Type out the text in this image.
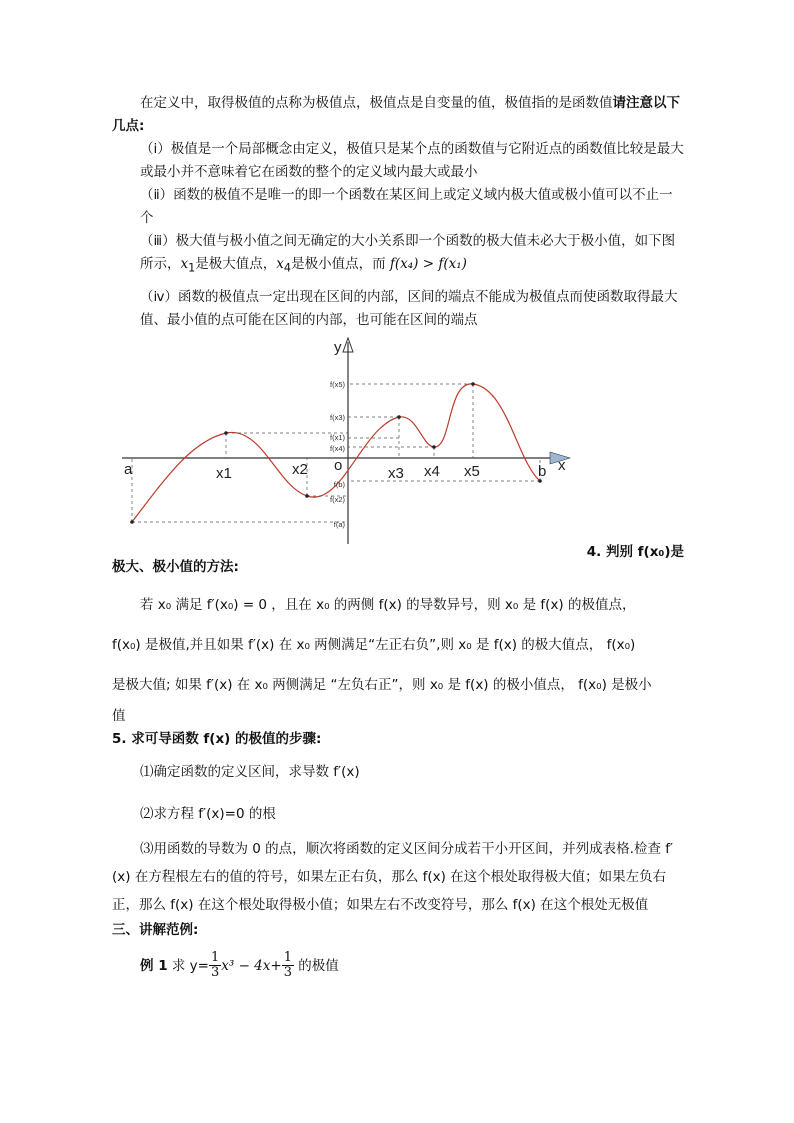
在定义中，取得极值的点称为极值点，极值点是自变量的值，极值指的是函数值请注意以下几点:

（ⅰ）极值是一个局部概念由定义，极值只是某个点的函数值与它附近点的函数值比较是最大或最小并不意味着它在函数的整个的定义域内最大或最小

（ⅱ）函数的极值不是唯一的即一个函数在某区间上或定义域内极大值或极小值可以不止一个

（ⅲ）极大值与极小值之间无确定的大小关系即一个函数的极大值未必大于极小值，如下图所示，$x_1$是极大值点，$x_4$是极小值点，而 f(x₄) > f(x₁)

（ⅳ）函数的极值点一定出现在区间的内部，区间的端点不能成为极值点而使函数取得最大值、最小值的点可能在区间的内部，也可能在区间的端点

a	x1	x2 o	x3 x4 x5	b x
y
f(x5)
f(x3)
f(x1)
f(x4)
f(b)
f(x2)
f(a)
4. 判别 f(x₀)是

极大、极小值的方法:

若 x₀ 满足 f′(x₀) = 0 ，且在 x₀ 的两侧 f(x) 的导数异号，则 x₀ 是 f(x) 的极值点，

f(x₀) 是极值,并且如果 f′(x) 在 x₀ 两侧满足“左正右负”,则 x₀ 是 f(x) 的极大值点， f(x₀)

是极大值; 如果 f′(x) 在 x₀ 两侧满足 “左负右正”，则 x₀ 是 f(x) 的极小值点， f(x₀) 是极小

值

5. 求可导函数 f(x) 的极值的步骤:

⑴确定函数的定义区间，求导数 f′(x)

⑵求方程 f′(x)=0 的根

⑶用函数的导数为 0 的点，顺次将函数的定义区间分成若干小开区间，并列成表格.检查 f′(x) 在方程根左右的值的符号，如果左正右负，那么 f(x) 在这个根处取得极大值；如果左负右正，那么 f(x) 在这个根处取得极小值；如果左右不改变符号，那么 f(x) 在这个根处无极值

三、讲解范例:

例 1 求 $y= \frac{1}{3} x^3 - 4x+ \frac{1}{3}$ 的极值
